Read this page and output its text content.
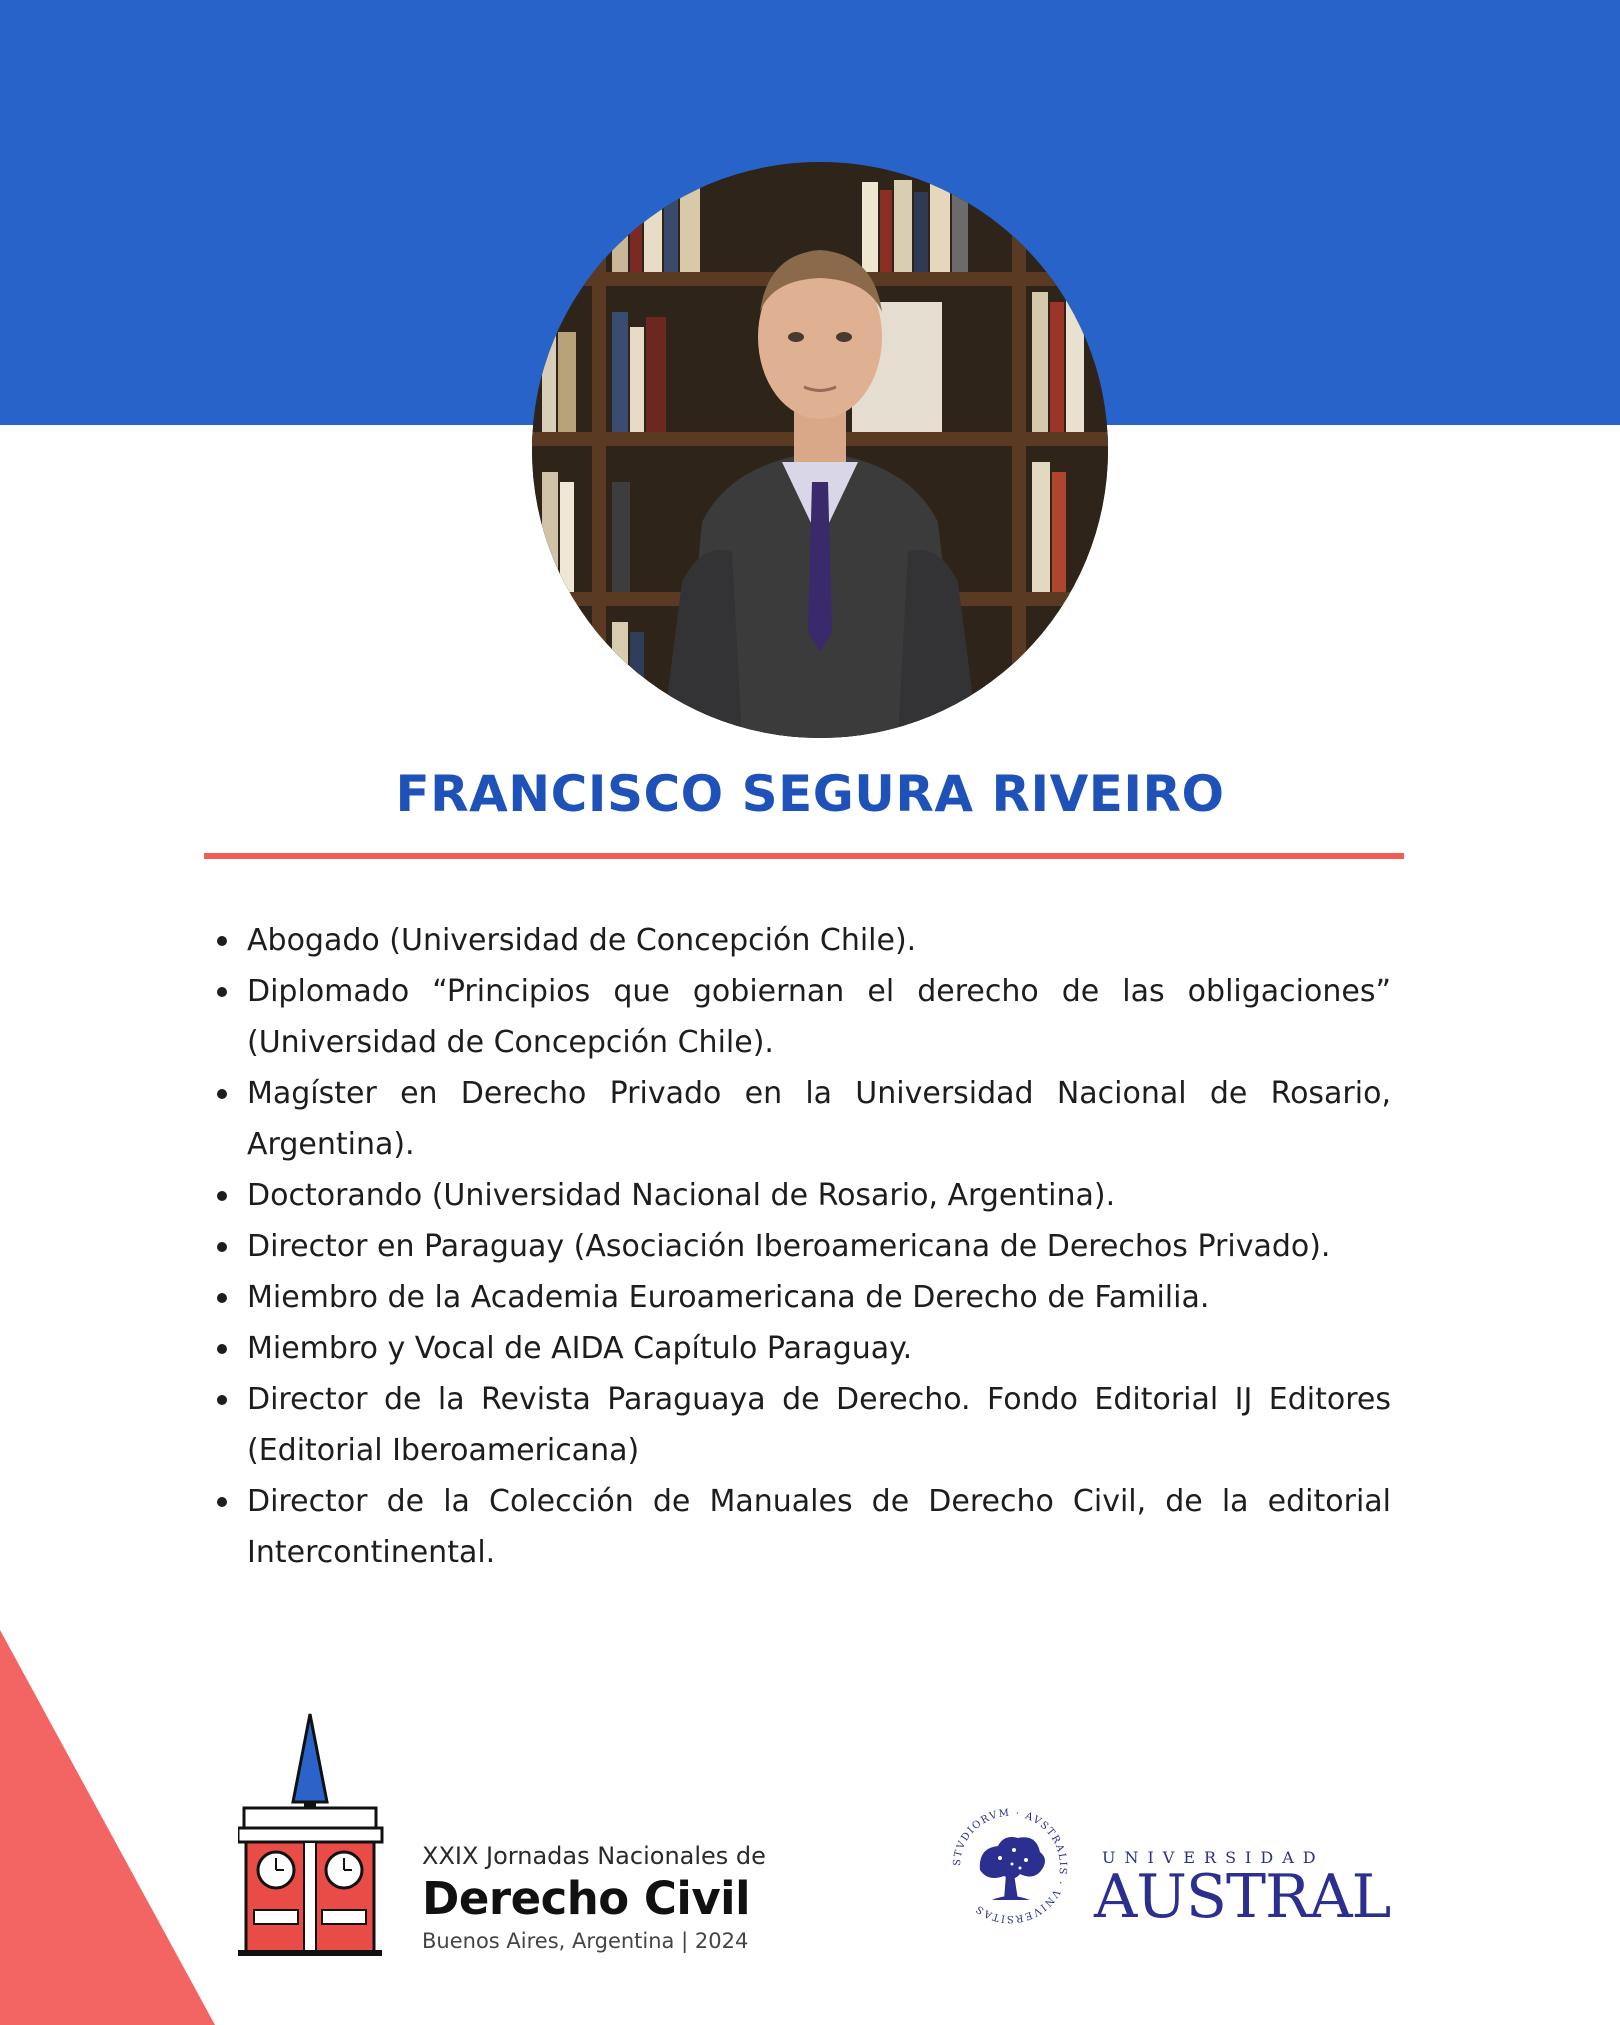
FRANCISCO SEGURA RIVEIRO
Abogado (Universidad de Concepción Chile).
Diplomado “Principios que gobiernan el derecho de las obligaciones” (Universidad de Concepción Chile).
Magíster en Derecho Privado en la Universidad Nacional de Rosario, Argentina).
Doctorando (Universidad Nacional de Rosario, Argentina).
Director en Paraguay (Asociación Iberoamericana de Derechos Privado).
Miembro de la Academia Euroamericana de Derecho de Familia.
Miembro y Vocal de AIDA Capítulo Paraguay.
Director de la Revista Paraguaya de Derecho. Fondo Editorial IJ Editores (Editorial Iberoamericana)
Director de la Colección de Manuales de Derecho Civil, de la editorial Intercontinental.
XXIX Jornadas Nacionales de
Derecho Civil
Buenos Aires, Argentina | 2024
STVDIORVM · AVSTRALIS · VNIVERSITAS
UNIVERSIDAD
AUSTRAL
